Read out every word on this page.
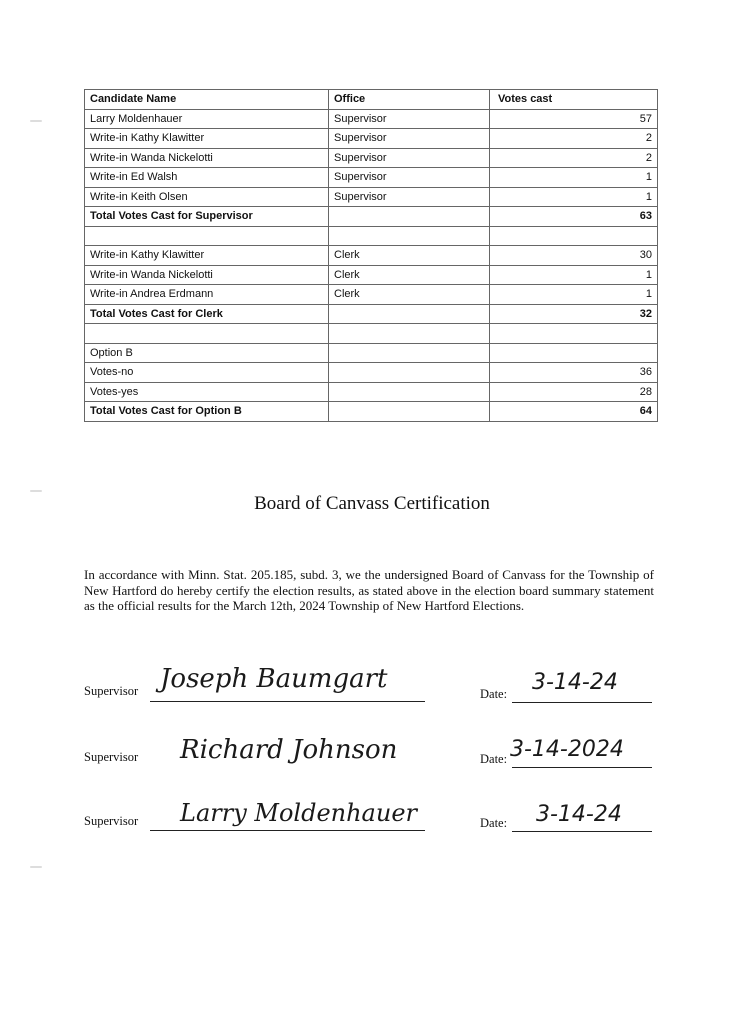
Candidate Name	Office	Votes cast
Larry Moldenhauer	Supervisor	57
Write-in Kathy Klawitter	Supervisor	2
Write-in Wanda Nickelotti	Supervisor	2
Write-in Ed Walsh	Supervisor	1
Write-in Keith Olsen	Supervisor	1
Total Votes Cast for Supervisor		63

Write-in Kathy Klawitter	Clerk	30
Write-in Wanda Nickelotti	Clerk	1
Write-in Andrea Erdmann	Clerk	1
Total Votes Cast for Clerk		32

Option B		
Votes-no		36
Votes-yes		28
Total Votes Cast for Option B		64
Board of Canvass Certification
In accordance with Minn. Stat. 205.185, subd. 3, we the undersigned Board of Canvass for the Township of New Hartford do hereby certify the election results, as stated above in the election board summary statement as the official results for the March 12th, 2024 Township of New Hartford Elections.
Supervisor Joseph Baumgart	Date: 3-14-24
Supervisor Richard Johnson	Date: 3-14-2024
Supervisor Larry Moldenhauer	Date: 3-14-24
